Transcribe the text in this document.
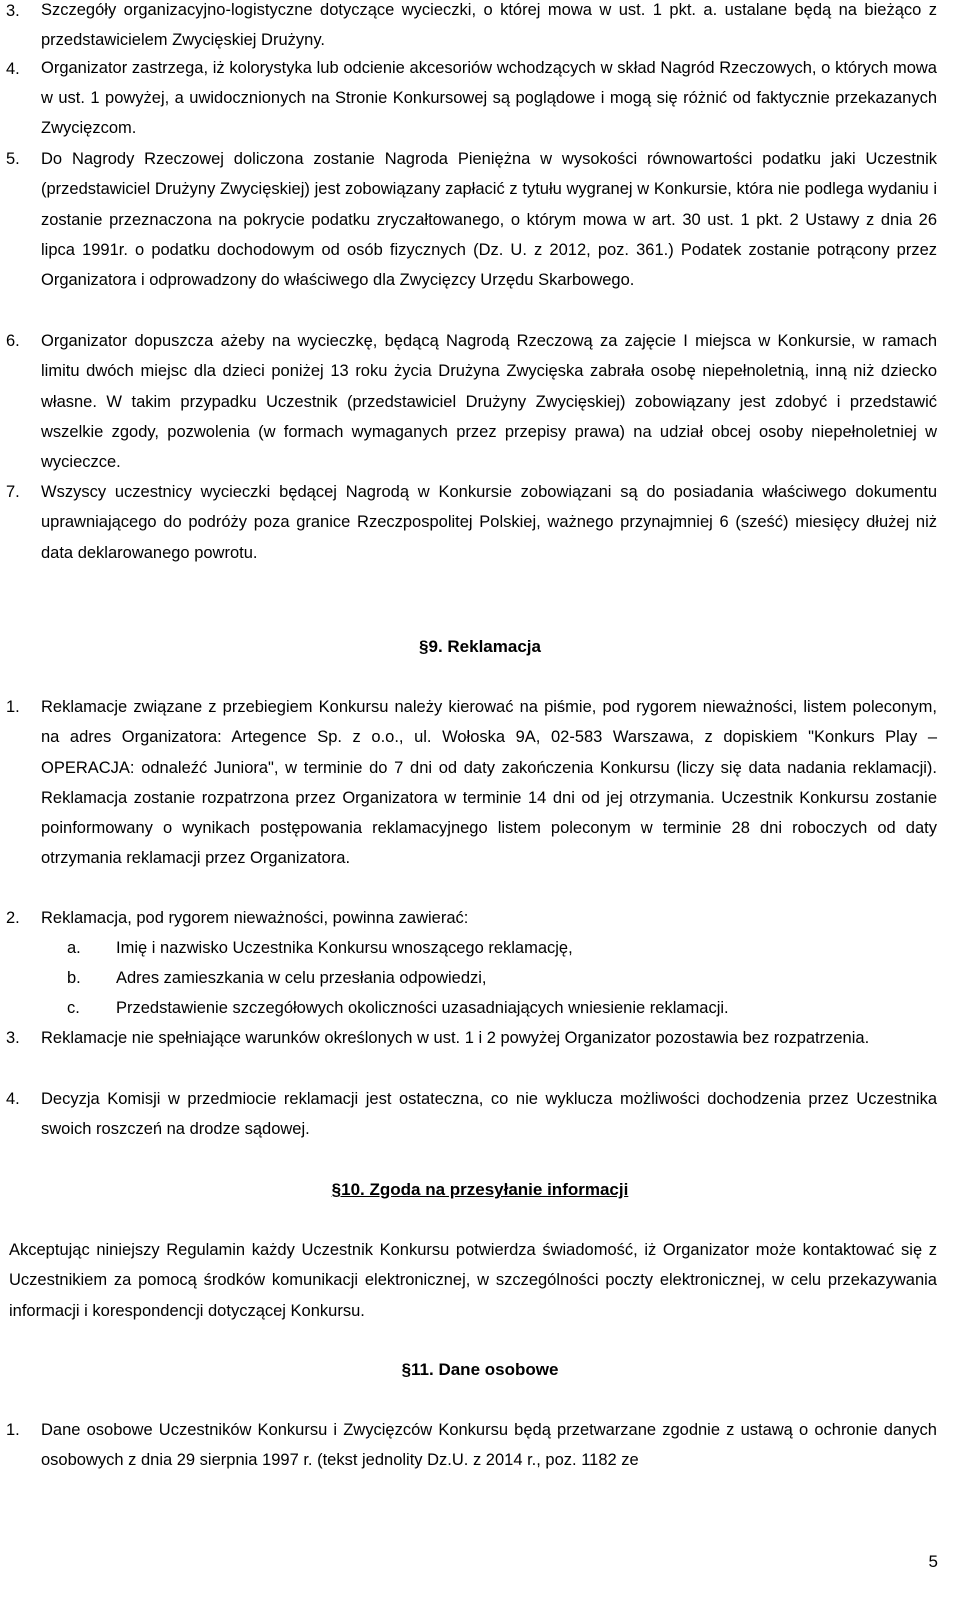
3. Szczegóły organizacyjno-logistyczne dotyczące wycieczki, o której mowa w ust. 1 pkt. a. ustalane będą na bieżąco z przedstawicielem Zwycięskiej Drużyny.
4. Organizator zastrzega, iż kolorystyka lub odcienie akcesoriów wchodzących w skład Nagród Rzeczowych, o których mowa w ust. 1 powyżej, a uwidocznionych na Stronie Konkursowej są poglądowe i mogą się różnić od faktycznie przekazanych Zwycięzcom.
5. Do Nagrody Rzeczowej doliczona zostanie Nagroda Pieniężna w wysokości równowartości podatku jaki Uczestnik (przedstawiciel Drużyny Zwycięskiej) jest zobowiązany zapłacić z tytułu wygranej w Konkursie, która nie podlega wydaniu i zostanie przeznaczona na pokrycie podatku zryczałtowanego, o którym mowa w art. 30 ust. 1 pkt. 2 Ustawy z dnia 26 lipca 1991r. o podatku dochodowym od osób fizycznych (Dz. U. z 2012, poz. 361.) Podatek zostanie potrącony przez Organizatora i odprowadzony do właściwego dla Zwycięzcy Urzędu Skarbowego.
6. Organizator dopuszcza ażeby na wycieczkę, będącą Nagrodą Rzeczową za zajęcie I miejsca w Konkursie, w ramach limitu dwóch miejsc dla dzieci poniżej 13 roku życia Drużyna Zwycięska zabrała osobę niepełnoletnią, inną niż dziecko własne. W takim przypadku Uczestnik (przedstawiciel Drużyny Zwycięskiej) zobowiązany jest zdobyć i przedstawić wszelkie zgody, pozwolenia (w formach wymaganych przez przepisy prawa) na udział obcej osoby niepełnoletniej w wycieczce.
7. Wszyscy uczestnicy wycieczki będącej Nagrodą w Konkursie zobowiązani są do posiadania właściwego dokumentu uprawniającego do podróży poza granice Rzeczpospolitej Polskiej, ważnego przynajmniej 6 (sześć) miesięcy dłużej niż data deklarowanego powrotu.
§9. Reklamacja
1. Reklamacje związane z przebiegiem Konkursu należy kierować na piśmie, pod rygorem nieważności, listem poleconym, na adres Organizatora: Artegence Sp. z o.o., ul. Wołoska 9A, 02-583 Warszawa, z dopiskiem "Konkurs Play – OPERACJA: odnaleźć Juniora", w terminie do 7 dni od daty zakończenia Konkursu (liczy się data nadania reklamacji). Reklamacja zostanie rozpatrzona przez Organizatora w terminie 14 dni od jej otrzymania. Uczestnik Konkursu zostanie poinformowany o wynikach postępowania reklamacyjnego listem poleconym w terminie 28 dni roboczych od daty otrzymania reklamacji przez Organizatora.
2. Reklamacja, pod rygorem nieważności, powinna zawierać:
a. Imię i nazwisko Uczestnika Konkursu wnoszącego reklamację,
b. Adres zamieszkania w celu przesłania odpowiedzi,
c. Przedstawienie szczegółowych okoliczności uzasadniających wniesienie reklamacji.
3. Reklamacje nie spełniające warunków określonych w ust. 1 i 2 powyżej Organizator pozostawia bez rozpatrzenia.
4. Decyzja Komisji w przedmiocie reklamacji jest ostateczna, co nie wyklucza możliwości dochodzenia przez Uczestnika swoich roszczeń na drodze sądowej.
§10. Zgoda na przesyłanie informacji
Akceptując niniejszy Regulamin każdy Uczestnik Konkursu potwierdza świadomość, iż Organizator może kontaktować się z Uczestnikiem za pomocą środków komunikacji elektronicznej, w szczególności poczty elektronicznej, w celu przekazywania informacji i korespondencji dotyczącej Konkursu.
§11. Dane osobowe
1. Dane osobowe Uczestników Konkursu i Zwycięzców Konkursu będą przetwarzane zgodnie z ustawą o ochronie danych osobowych z dnia 29 sierpnia 1997 r. (tekst jednolity Dz.U. z 2014 r., poz. 1182 ze
5
